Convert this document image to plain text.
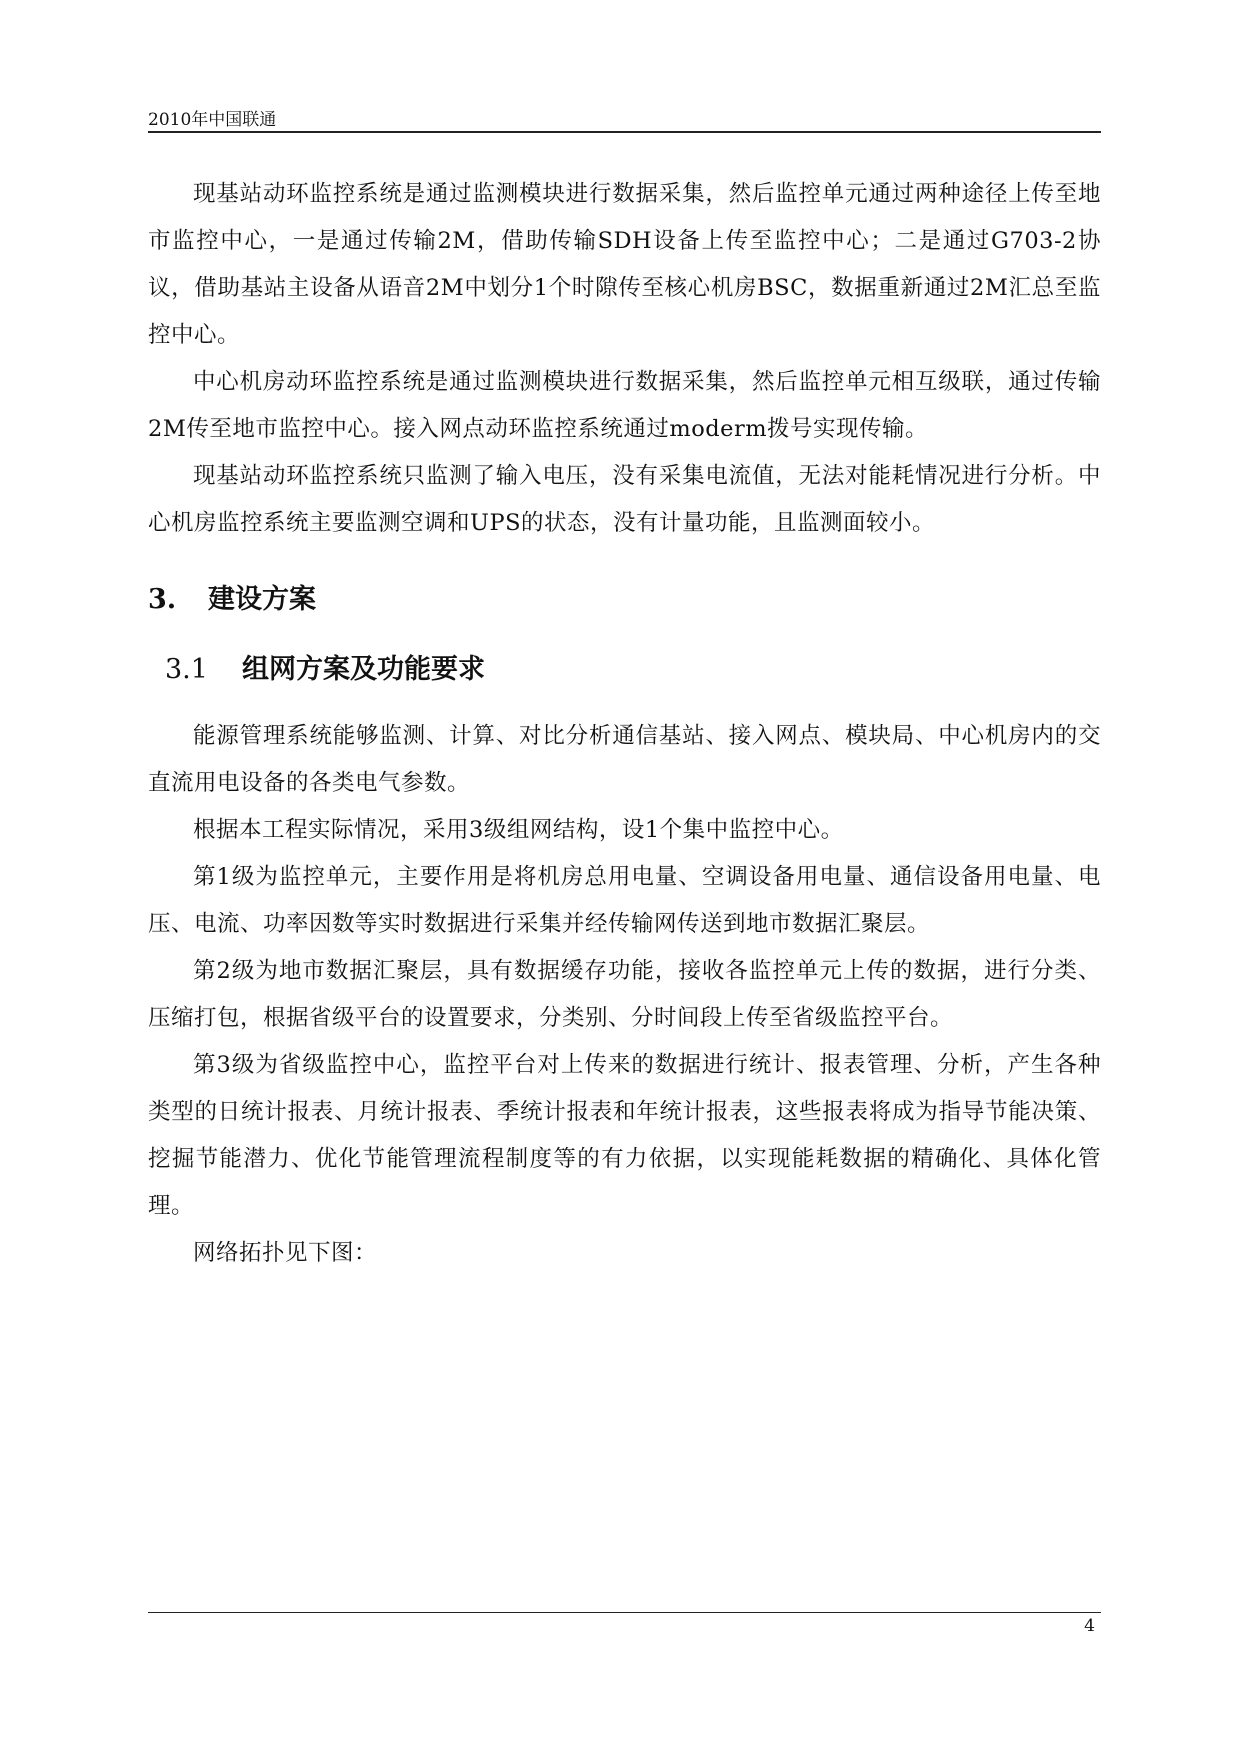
2010年中国联通

现基站动环监控系统是通过监测模块进行数据采集，然后监控单元通过两种途径上传至地市监控中心，一是通过传输2M，借助传输SDH设备上传至监控中心；二是通过G703-2协议，借助基站主设备从语音2M中划分1个时隙传至核心机房BSC，数据重新通过2M汇总至监控中心。

中心机房动环监控系统是通过监测模块进行数据采集，然后监控单元相互级联，通过传输2M传至地市监控中心。接入网点动环监控系统通过moderm拨号实现传输。

现基站动环监控系统只监测了输入电压，没有采集电流值，无法对能耗情况进行分析。中心机房监控系统主要监测空调和UPS的状态，没有计量功能，且监测面较小。

3. 建设方案
3.1 组网方案及功能要求

能源管理系统能够监测、计算、对比分析通信基站、接入网点、模块局、中心机房内的交直流用电设备的各类电气参数。

根据本工程实际情况，采用3级组网结构，设1个集中监控中心。

第1级为监控单元，主要作用是将机房总用电量、空调设备用电量、通信设备用电量、电压、电流、功率因数等实时数据进行采集并经传输网传送到地市数据汇聚层。

第2级为地市数据汇聚层，具有数据缓存功能，接收各监控单元上传的数据，进行分类、压缩打包，根据省级平台的设置要求，分类别、分时间段上传至省级监控平台。

第3级为省级监控中心，监控平台对上传来的数据进行统计、报表管理、分析，产生各种类型的日统计报表、月统计报表、季统计报表和年统计报表，这些报表将成为指导节能决策、挖掘节能潜力、优化节能管理流程制度等的有力依据，以实现能耗数据的精确化、具体化管理。

网络拓扑见下图：

4
